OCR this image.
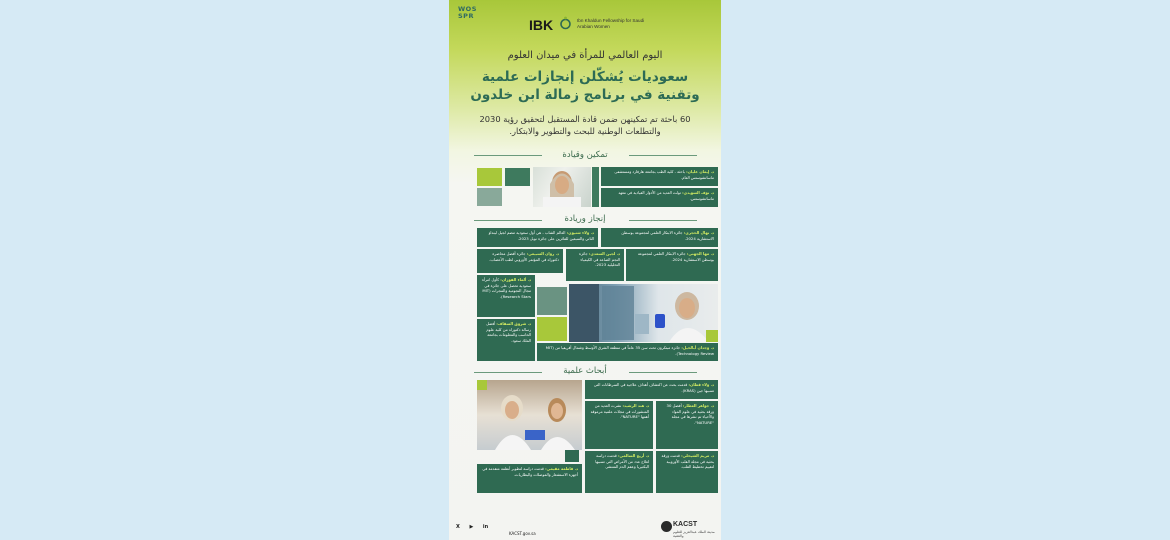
WOS SPR
IBK	Ibn Khaldun Fellowship for Saudi Arabian Women
اليوم العالمي للمرأة في ميدان العلوم
سعوديات يُشكّلن إنجازات علمية
وتقنية في برنامج زمالة ابن خلدون
60 باحثة تم تمكينهن ضمن قادة المستقبل لتحقيق رؤية 2030
والتطلعات الوطنية للبحث والتطوير والابتكار.
تمكين وقيادة
د. إيمان عليان: باحثة - كلية الطب بجامعة هارفارد ومستشفى ماساتشوستس العام.
د. نوف السويدي: تولت العديد من الأدوار القيادية في معهد ماساتشوستس.
إنجاز وريادة
د. نهال الحجري: جائزة الابتكار العلمي لمجموعة بوسطن الاستشارية 2024.
د. ولاء شتيوي: العالم الشاب - هي أول سعودية تنضم لجيل لينداو الثاني والسبعين للفائزين على جائزة نوبل 2023.
د. مها الجهني: جائزة الابتكار العلمي لمجموعة بوسطن الاستشارية 2024.
د. لجين السعدي: جائزة النجم الصاعد في الكيمياء التحليلية 2023.
د. روان السبيعي: جائزة أفضل محاضرة دكتوراه في المؤتمر الأوروبي لطب الأعصاب.
د. ألماء الفوزان: كأول امرأة سعودية تحصل على جائزة في مجال النجومية والمجرات (MIT Research Stars).
د. شروق السقاف: أفضل رسالة دكتوراه من كلية علوم الحاسب والمعلومات بجامعة الملك سعود.
د. وجدان أبالخيل: جائزة مبتكرون تحت سن 35 عاماً في منطقة الشرق الأوسط وشمال أفريقيا من (MIT Technology Review).
أبحاث علمية
د. ولاء قطان: قدمت بحث عن اكتشاف أهداف علاجية في السرطانات التي تسببها جين (KRAS).
د. جواهر العطار: أفضل 30 ورقة بحثية في علوم المواد والأحياء تم نشرها في مجلة "NATURE".
د. هند الرشيد: نشرت العديد من المنشورات في مجلات علمية مرموقة أهمها "NATURE".
د. مريم الشيخلي: قدمت ورقة بحثية في مجلة القلب الأوروبية لتقييم تخطيط القلب.
د. أريج السالمي: قدمت دراسة لعلاج عدد من الأمراض التي تسببها البكتيريا وعقم الدم المنتشر.
د. فاطمة مقيمي: قدمت دراسة لتطوير أنظمة متقدمة في أجهزة الاستشعار والموصلات والبطاريات.
X ▶ in
KACST.gov.sa
KACST
مدينة الملك عبدالعزيز للعلوم والتقنية
